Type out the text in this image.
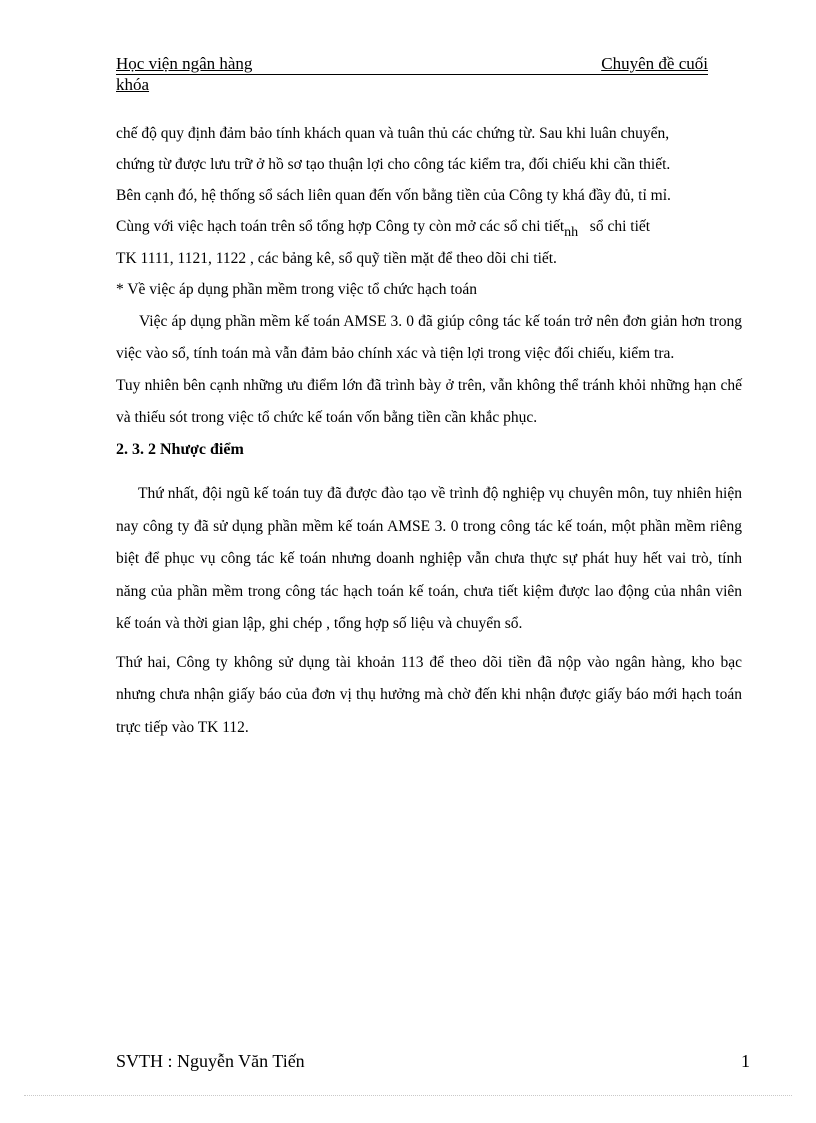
Học viện ngân hàng	Chuyên đề cuối
khóa
chế độ quy định đảm bảo tính khách quan và tuân thủ các chứng từ. Sau khi luân chuyển,
chứng từ được lưu trữ ở hồ sơ tạo thuận lợi cho công tác kiểm tra, đối chiếu khi cần thiết.
Bên cạnh đó, hệ thống sổ sách liên quan đến vốn bằng tiền của Công ty khá đầy đủ, tỉ mỉ.
Cùng với việc hạch toán trên sổ tổng hợp Công ty còn mở các sổ chi tiếtnh sổ chi tiết
TK 1111, 1121, 1122 , các bảng kê, sổ quỹ tiền mặt để theo dõi chi tiết.

* Về việc áp dụng phần mềm trong việc tổ chức hạch toán

Việc áp dụng phần mềm kế toán AMSE 3. 0 đã giúp công tác kế toán trở nên đơn giản hơn trong việc vào sổ, tính toán mà vẫn đảm bảo chính xác và tiện lợi trong việc đối chiếu, kiểm tra.

Tuy nhiên bên cạnh những ưu điểm lớn đã trình bày ở trên, vẫn không thể tránh khỏi những hạn chế và thiếu sót trong việc tổ chức kế toán vốn bằng tiền cần khắc phục.

2. 3. 2 Nhược điểm

Thứ nhất, đội ngũ kế toán tuy đã được đào tạo về trình độ nghiệp vụ chuyên môn, tuy nhiên hiện nay công ty đã sử dụng phần mềm kế toán AMSE 3. 0 trong công tác kế toán, một phần mềm riêng biệt để phục vụ công tác kế toán nhưng doanh nghiệp vẫn chưa thực sự phát huy hết vai trò, tính năng của phần mềm trong công tác hạch toán kế toán, chưa tiết kiệm được lao động của nhân viên kế toán và thời gian lập, ghi chép , tổng hợp số liệu và chuyển sổ.

Thứ hai, Công ty không sử dụng tài khoản 113 để theo dõi tiền đã nộp vào ngân hàng, kho bạc nhưng chưa nhận giấy báo của đơn vị thụ hưởng mà chờ đến khi nhận được giấy báo mới hạch toán trực tiếp vào TK 112.

SVTH : Nguyễn Văn Tiến	1
